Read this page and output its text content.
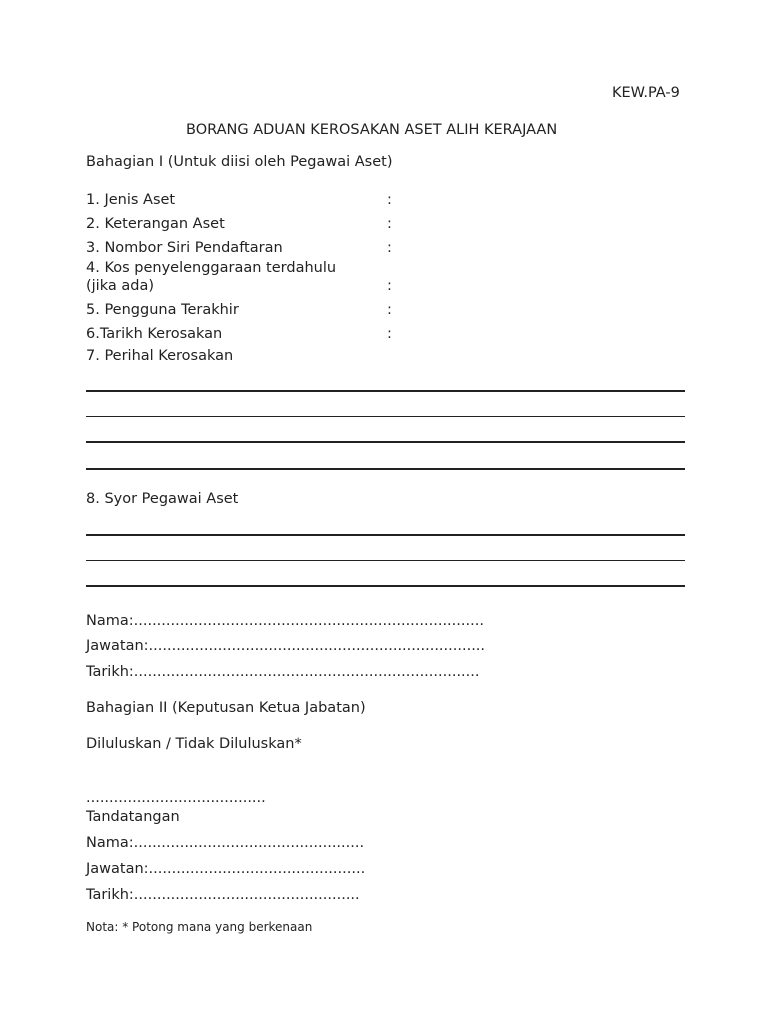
KEW.PA-9
BORANG ADUAN KEROSAKAN ASET ALIH KERAJAAN
Bahagian I (Untuk diisi oleh Pegawai Aset)
1. Jenis Aset	:
2. Keterangan Aset	:
3. Nombor Siri Pendaftaran	:
4. Kos penyelenggaraan terdahulu
(jika ada)	:
5. Pengguna Terakhir	:
6.Tarikh Kerosakan	:
7. Perihal Kerosakan
8. Syor Pegawai Aset
Nama:............................................................................
Jawatan:.........................................................................
Tarikh:...........................................................................
Bahagian II (Keputusan Ketua Jabatan)
Diluluskan / Tidak Diluluskan*
.......................................
Tandatangan
Nama:..................................................
Jawatan:...............................................
Tarikh:.................................................
Nota: * Potong mana yang berkenaan
